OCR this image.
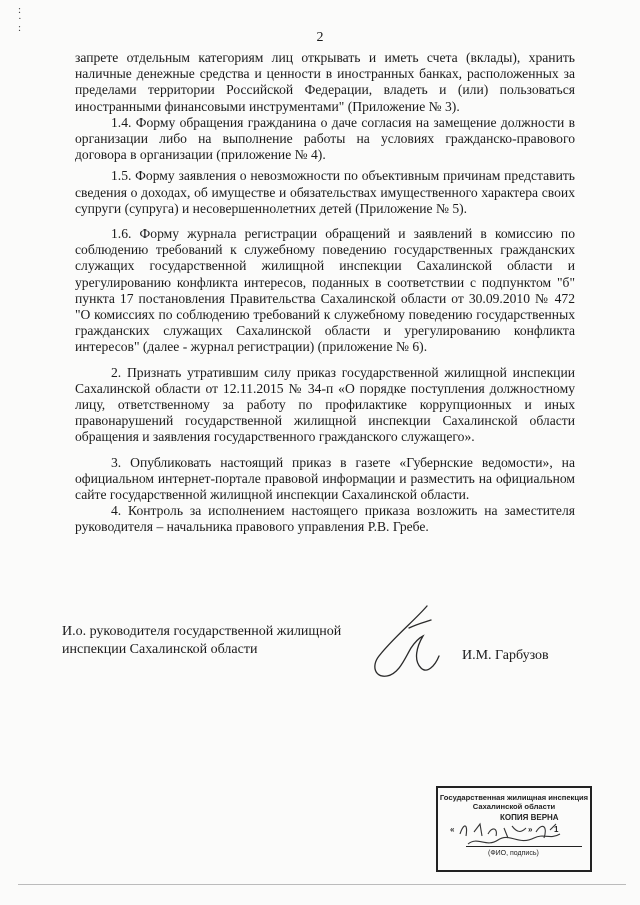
2
:
·
:

запрете отдельным категориям лиц открывать и иметь счета (вклады), хранить наличные денежные средства и ценности в иностранных банках, расположенных за пределами территории Российской Федерации, владеть и (или) пользоваться иностранными финансовыми инструментами" (Приложение № 3).

1.4. Форму обращения гражданина о даче согласия на замещение должности в организации либо на выполнение работы на условиях гражданско-правового договора в организации (приложение № 4).

1.5. Форму заявления о невозможности по объективным причинам представить сведения о доходах, об имуществе и обязательствах имущественного характера своих супруги (супруга) и несовершеннолетних детей (Приложение № 5).

1.6. Форму журнала регистрации обращений и заявлений в комиссию по соблюдению требований к служебному поведению государственных гражданских служащих государственной жилищной инспекции Сахалинской области и урегулированию конфликта интересов, поданных в соответствии с подпунктом "б" пункта 17 постановления Правительства Сахалинской области от 30.09.2010 № 472 "О комиссиях по соблюдению требований к служебному поведению государственных гражданских служащих Сахалинской области и урегулированию конфликта интересов" (далее - журнал регистрации) (приложение № 6).

2. Признать утратившим силу приказ государственной жилищной инспекции Сахалинской области от 12.11.2015 № 34-п «О порядке поступления должностному лицу, ответственному за работу по профилактике коррупционных и иных правонарушений государственной жилищной инспекции Сахалинской области обращения и заявления государственного гражданского служащего».

3. Опубликовать настоящий приказ в газете «Губернские ведомости», на официальном интернет-портале правовой информации и разместить на официальном сайте государственной жилищной инспекции Сахалинской области.

4. Контроль за исполнением настоящего приказа возложить на заместителя руководителя – начальника правового управления Р.В. Гребе.

И.о. руководителя государственной жилищной инспекции Сахалинской области	И.М. Гарбузов
Государственная жилищная инспекция Сахалинской области
КОПИЯ ВЕРНА
«	»	1
(ФИО, подпись)
